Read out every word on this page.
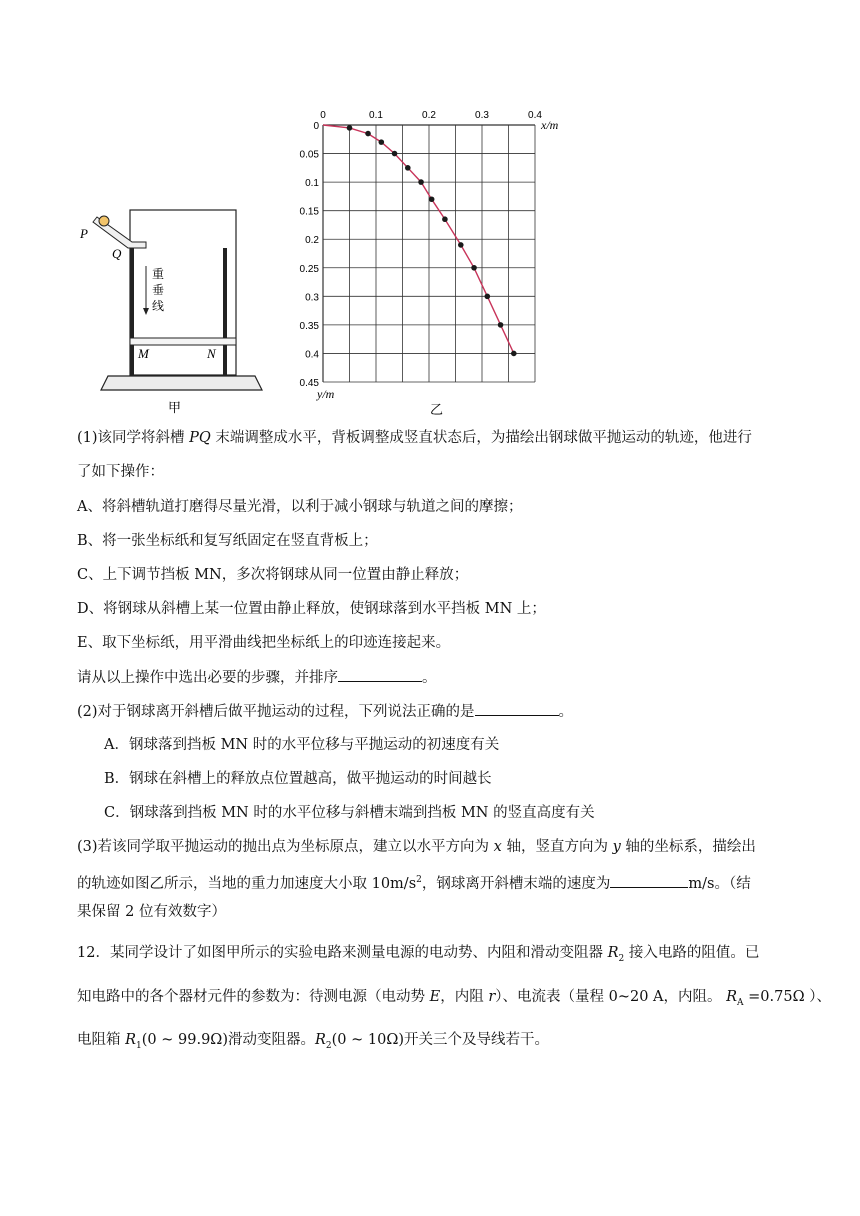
P
Q
重
垂
线
M	N
甲
0	0.1	0.2	0.3	0.4
0
0.05
0.1
0.15
0.2
0.25
0.3
0.35
0.4
0.45
x/m
y/m
乙
(1)该同学将斜槽 PQ 末端调整成水平，背板调整成竖直状态后，为描绘出钢球做平抛运动的轨迹，他进行
了如下操作：
A、将斜槽轨道打磨得尽量光滑，以利于减小钢球与轨道之间的摩擦；
B、将一张坐标纸和复写纸固定在竖直背板上；
C、上下调节挡板 MN，多次将钢球从同一位置由静止释放；
D、将钢球从斜槽上某一位置由静止释放，使钢球落到水平挡板 MN 上；
E、取下坐标纸，用平滑曲线把坐标纸上的印迹连接起来。
请从以上操作中选出必要的步骤，并排序	。
(2)对于钢球离开斜槽后做平抛运动的过程，下列说法正确的是	。
A．钢球落到挡板 MN 时的水平位移与平抛运动的初速度有关
B．钢球在斜槽上的释放点位置越高，做平抛运动的时间越长
C．钢球落到挡板 MN 时的水平位移与斜槽末端到挡板 MN 的竖直高度有关
(3)若该同学取平抛运动的抛出点为坐标原点，建立以水平方向为 x 轴，竖直方向为 y 轴的坐标系，描绘出
的轨迹如图乙所示，当地的重力加速度大小取 $10m/s^2$，钢球离开斜槽末端的速度为	m/s。（结
果保留 2 位有效数字）
12．某同学设计了如图甲所示的实验电路来测量电源的电动势、内阻和滑动变阻器 $R_2$ 接入电路的阻值。已
知电路中的各个器材元件的参数为：待测电源（电动势 E，内阻 r）、电流表（量程 0~20 A，内阻。 $R_A =0.75\Omega$ ）、
电阻箱 $R_1(0$ ~ 99.9Ω)滑动变阻器。$R_2(0$ ~ 10Ω)开关三个及导线若干。
